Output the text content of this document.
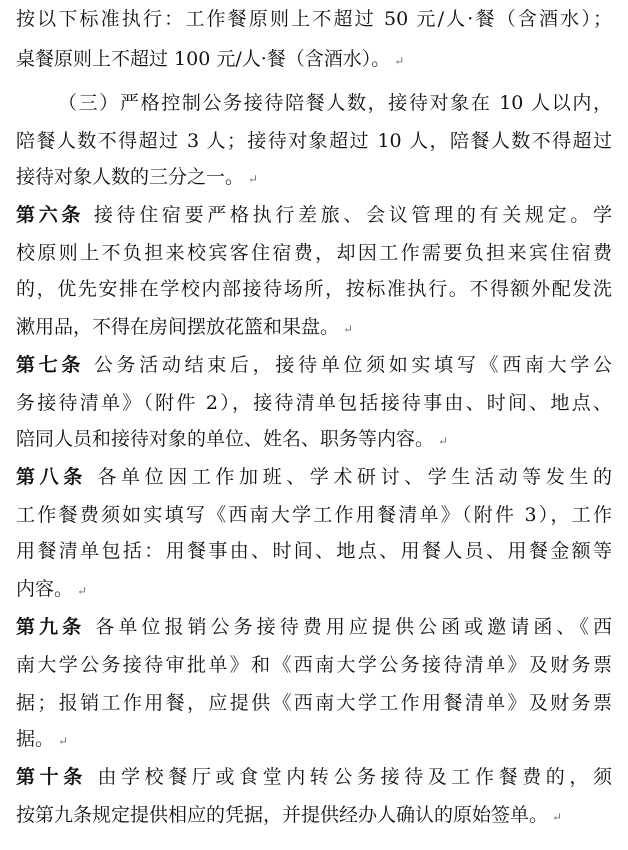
按以下标准执行：工作餐原则上不超过 50 元/人·餐（含酒水）；
桌餐原则上不超过 100 元/人·餐（含酒水）。 ↵
（三）严格控制公务接待陪餐人数，接待对象在 10 人以内，
陪餐人数不得超过 3 人；接待对象超过 10 人，陪餐人数不得超过
接待对象人数的三分之一。 ↵
第六条 接待住宿要严格执行差旅、会议管理的有关规定。学
校原则上不负担来校宾客住宿费，却因工作需要负担来宾住宿费
的，优先安排在学校内部接待场所，按标准执行。不得额外配发洗
漱用品，不得在房间摆放花篮和果盘。 ↵
第七条 公务活动结束后，接待单位须如实填写《西南大学公
务接待清单》（附件 2），接待清单包括接待事由、时间、地点、
陪同人员和接待对象的单位、姓名、职务等内容。 ↵
第八条 各单位因工作加班、学术研讨、学生活动等发生的
工作餐费须如实填写《西南大学工作用餐清单》（附件 3），工作
用餐清单包括：用餐事由、时间、地点、用餐人员、用餐金额等
内容。 ↵
第九条 各单位报销公务接待费用应提供公函或邀请函、《西
南大学公务接待审批单》和《西南大学公务接待清单》及财务票
据；报销工作用餐，应提供《西南大学工作用餐清单》及财务票
据。 ↵
第十条 由学校餐厅或食堂内转公务接待及工作餐费的，须
按第九条规定提供相应的凭据，并提供经办人确认的原始签单。 ↵
